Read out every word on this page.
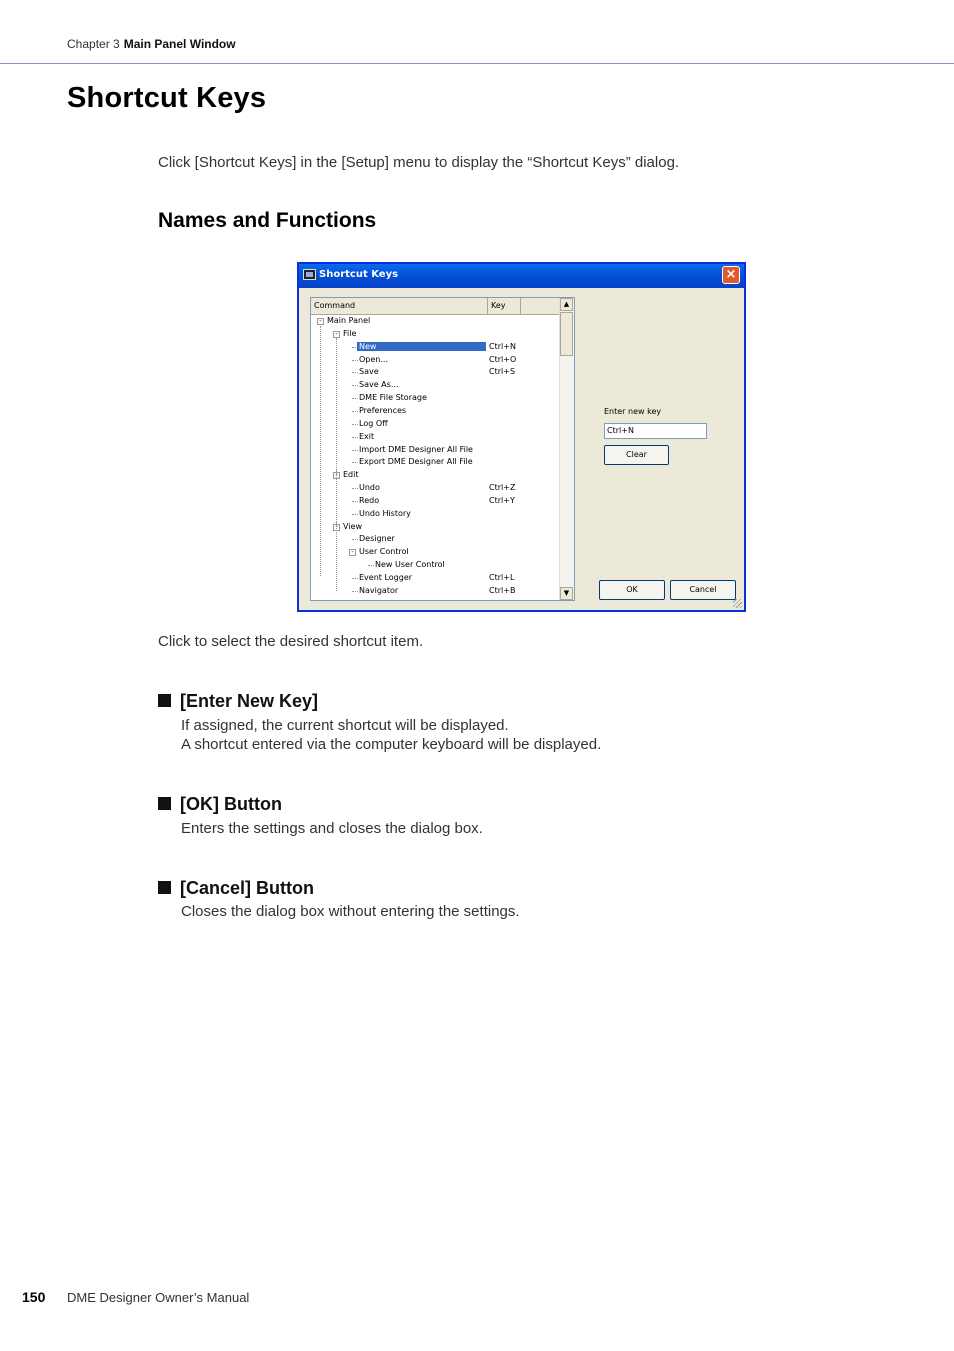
Chapter 3 Main Panel Window
Shortcut Keys
Click [Shortcut Keys] in the [Setup] menu to display the “Shortcut Keys” dialog.
Names and Functions
Shortcut Keys	×
Command	Key
- Main Panel
- File
New	Ctrl+N
Open...	Ctrl+O
Save	Ctrl+S
Save As...
DME File Storage
Preferences
Log Off
Exit
Import DME Designer All File
Export DME Designer All File
- Edit
Undo	Ctrl+Z
Redo	Ctrl+Y
Undo History
- View
Designer
- User Control
New User Control
Event Logger	Ctrl+L
Navigator	Ctrl+B
▲
▼
Enter new key
Ctrl+N
Clear
OK	Cancel
Click to select the desired shortcut item.
[Enter New Key]
If assigned, the current shortcut will be displayed.
A shortcut entered via the computer keyboard will be displayed.
[OK] Button
Enters the settings and closes the dialog box.
[Cancel] Button
Closes the dialog box without entering the settings.
150 DME Designer Owner’s Manual
